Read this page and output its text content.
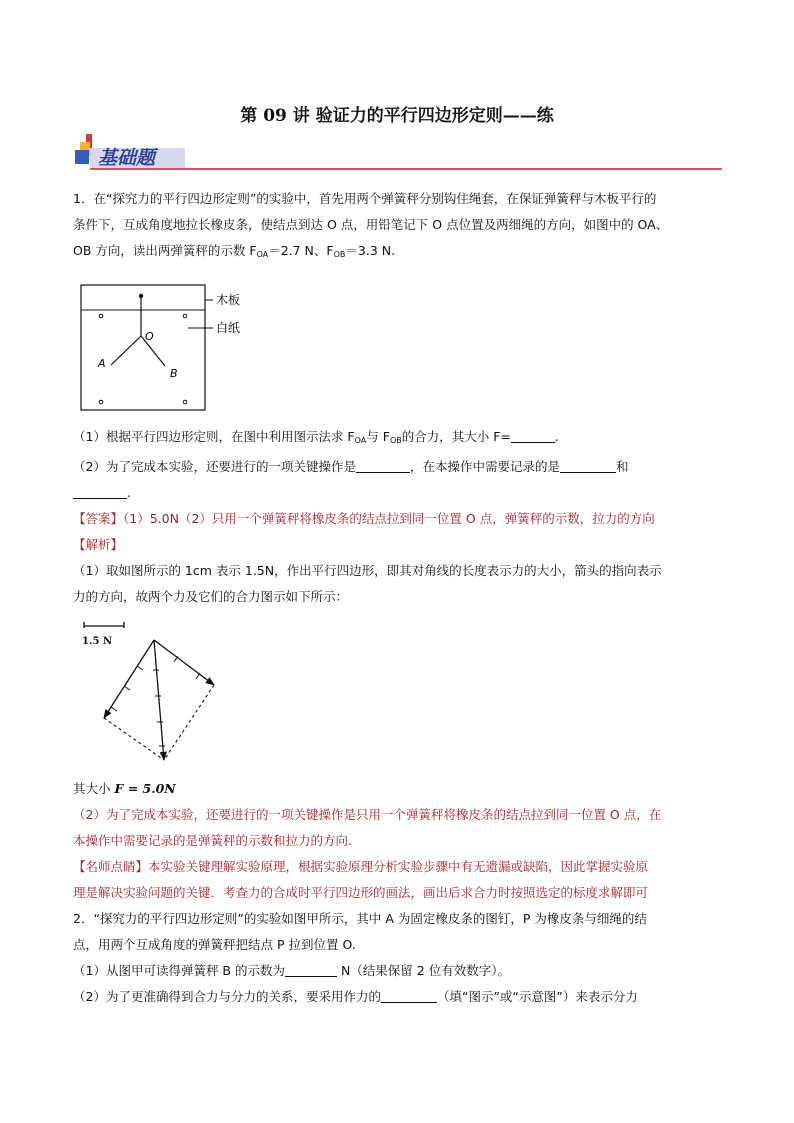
第 09 讲 验证力的平行四边形定则——练
基础题
1．在“探究力的平行四边形定则”的实验中，首先用两个弹簧秤分别钩住绳套，在保证弹簧秤与木板平行的
条件下，互成角度地拉长橡皮条，使结点到达 O 点，用铅笔记下 O 点位置及两细绳的方向，如图中的 OA、
OB 方向，读出两弹簧秤的示数 $F_{OA}=2.7$ N、$F_{OB}=3.3$ N.
O
A
B
木板
白纸
（1）根据平行四边形定则，在图中利用图示法求 $F_{OA}$与 $F_{OB}$的合力，其大小 F=	.
（2）为了完成本实验，还要进行的一项关键操作是	，在本操作中需要记录的是	和
.
【答案】（1）5.0N（2）只用一个弹簧秤将橡皮条的结点拉到同一位置 O 点，弹簧秤的示数，拉力的方向
【解析】
（1）取如图所示的 1cm 表示 1.5N，作出平行四边形，即其对角线的长度表示力的大小，箭头的指向表示
力的方向，故两个力及它们的合力图示如下所示：
1.5 N
其大小 F = 5.0N
（2）为了完成本实验，还要进行的一项关键操作是只用一个弹簧秤将橡皮条的结点拉到同一位置 O 点，在
本操作中需要记录的是弹簧秤的示数和拉力的方向.
【名师点睛】本实验关键理解实验原理，根据实验原理分析实验步骤中有无遗漏或缺陷，因此掌握实验原
理是解决实验问题的关键．考查力的合成时平行四边形的画法，画出后求合力时按照选定的标度求解即可
2．“探究力的平行四边形定则”的实验如图甲所示，其中 A 为固定橡皮条的图钉，P 为橡皮条与细绳的结
点，用两个互成角度的弹簧秤把结点 P 拉到位置 O.
（1）从图甲可读得弹簧秤 B 的示数为	N（结果保留 2 位有效数字）。
（2）为了更准确得到合力与分力的关系，要采用作力的	（填“图示”或“示意图”）来表示分力
